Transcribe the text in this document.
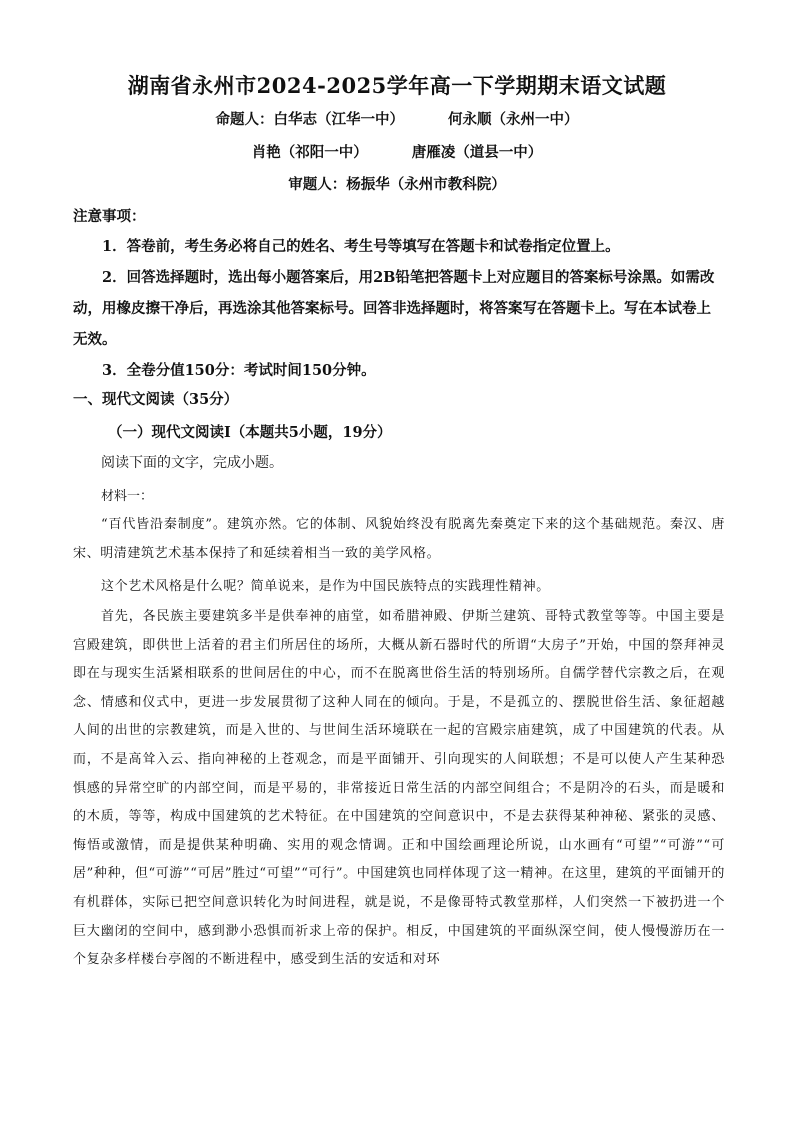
湖南省永州市2024-2025学年高一下学期期末语文试题
命题人：白华志（江华一中）	何永顺（永州一中）
肖艳（祁阳一中）	唐雁凌（道县一中）
审题人：杨振华（永州市教科院）
注意事项：

1．答卷前，考生务必将自己的姓名、考生号等填写在答题卡和试卷指定位置上。

2．回答选择题时，选出每小题答案后，用2B铅笔把答题卡上对应题目的答案标号涂黑。如需改动，用橡皮擦干净后，再选涂其他答案标号。回答非选择题时，将答案写在答题卡上。写在本试卷上无效。

3．全卷分值150分：考试时间150分钟。

一、现代文阅读（35分）
（一）现代文阅读Ⅰ（本题共5小题，19分）
阅读下面的文字，完成小题。
材料一：

“百代皆沿秦制度”。建筑亦然。它的体制、风貌始终没有脱离先秦奠定下来的这个基础规范。秦汉、唐宋、明清建筑艺术基本保持了和延续着相当一致的美学风格。

这个艺术风格是什么呢？简单说来，是作为中国民族特点的实践理性精神。

首先，各民族主要建筑多半是供奉神的庙堂，如希腊神殿、伊斯兰建筑、哥特式教堂等等。中国主要是宫殿建筑，即供世上活着的君主们所居住的场所，大概从新石器时代的所谓“大房子”开始，中国的祭拜神灵即在与现实生活紧相联系的世间居住的中心，而不在脱离世俗生活的特别场所。自儒学替代宗教之后，在观念、情感和仪式中，更进一步发展贯彻了这种人同在的倾向。于是，不是孤立的、摆脱世俗生活、象征超越人间的出世的宗教建筑，而是入世的、与世间生活环境联在一起的宫殿宗庙建筑，成了中国建筑的代表。从而，不是高耸入云、指向神秘的上苍观念，而是平面铺开、引向现实的人间联想；不是可以使人产生某种恐惧感的异常空旷的内部空间，而是平易的，非常接近日常生活的内部空间组合；不是阴冷的石头，而是暖和的木质，等等，构成中国建筑的艺术特征。在中国建筑的空间意识中，不是去获得某种神秘、紧张的灵感、悔悟或激情，而是提供某种明确、实用的观念情调。正和中国绘画理论所说，山水画有“可望”“可游”“可居”种种，但“可游”“可居”胜过“可望”“可行”。中国建筑也同样体现了这一精神。在这里，建筑的平面铺开的有机群体，实际已把空间意识转化为时间进程，就是说，不是像哥特式教堂那样，人们突然一下被扔进一个巨大幽闭的空间中，感到渺小恐惧而祈求上帝的保护。相反，中国建筑的平面纵深空间，使人慢慢游历在一个复杂多样楼台亭阁的不断进程中，感受到生活的安适和对环
